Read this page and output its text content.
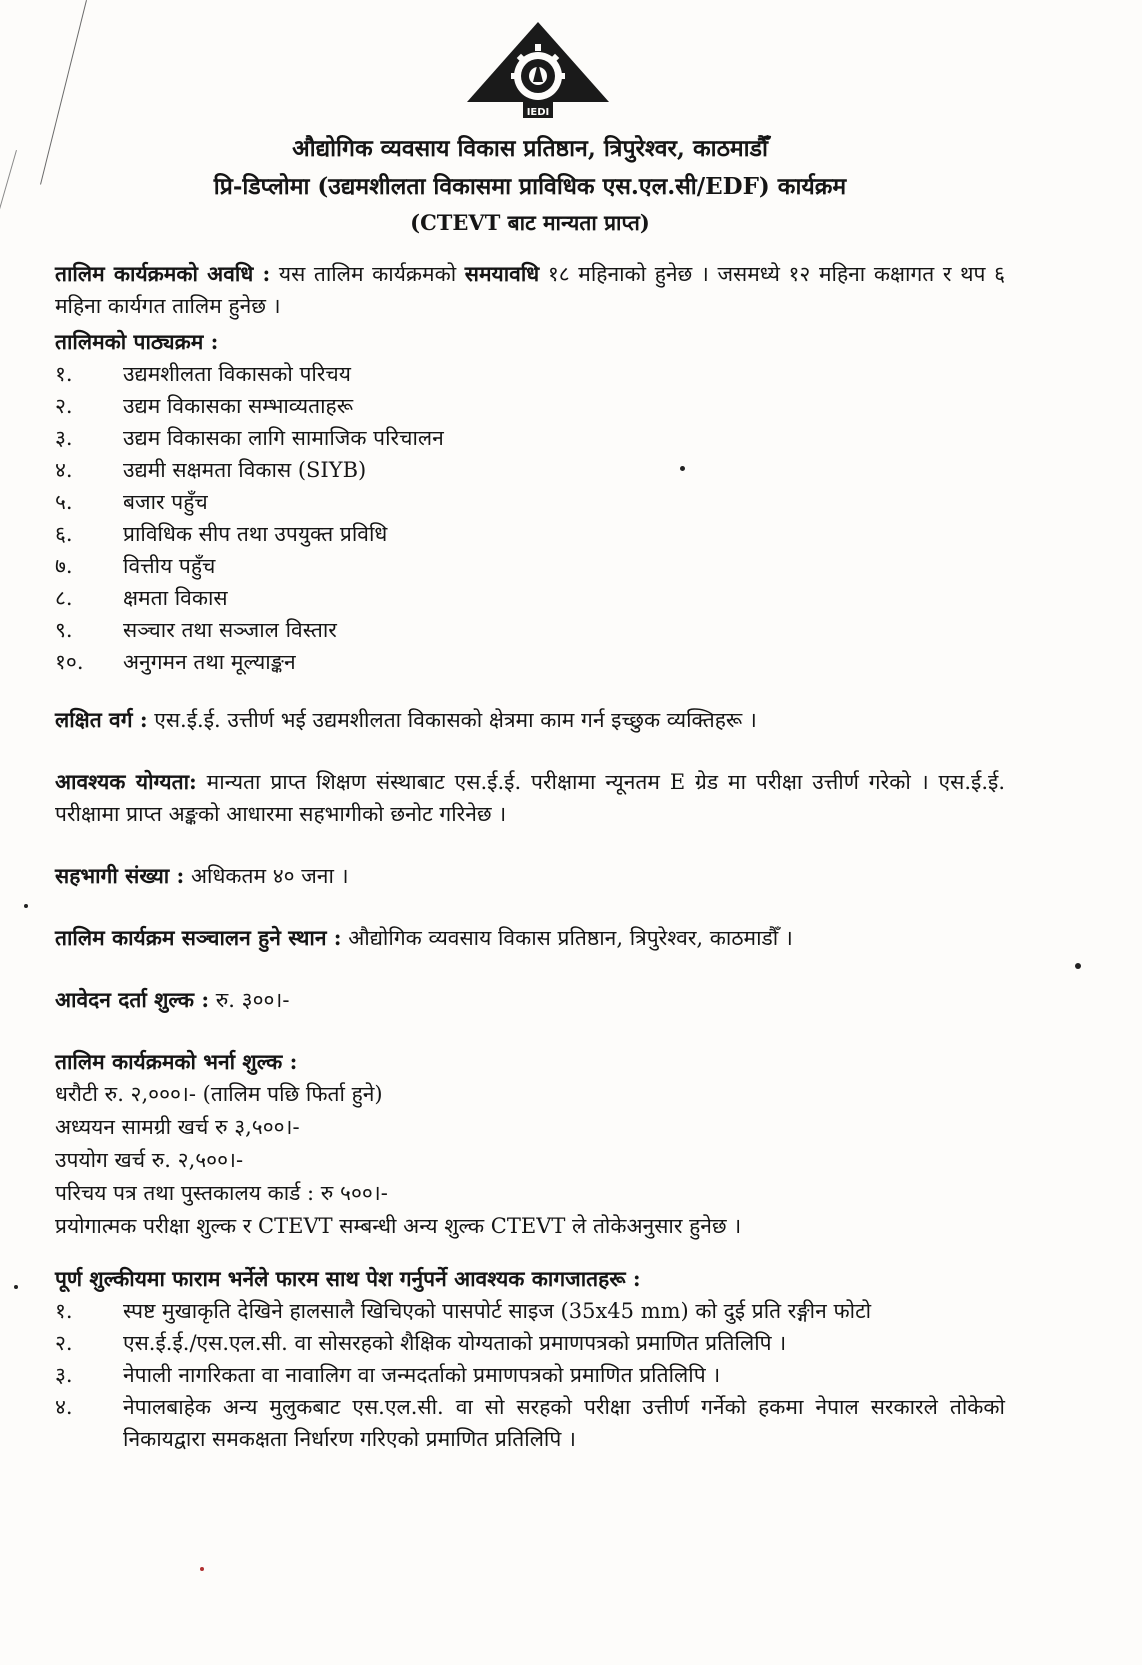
IEDI
औद्योगिक व्यवसाय विकास प्रतिष्ठान, त्रिपुरेश्वर, काठमाडौँ
प्रि-डिप्लोमा (उद्यमशीलता विकासमा प्राविधिक एस.एल.सी/EDF) कार्यक्रम
(CTEVT बाट मान्यता प्राप्त)

तालिम कार्यक्रमको अवधि : यस तालिम कार्यक्रमको समयावधि १८ महिनाको हुनेछ । जसमध्ये १२ महिना कक्षागत र थप ६ महिना कार्यगत तालिम हुनेछ ।

तालिमको पाठ्यक्रम :

१.	उद्यमशीलता विकासको परिचय
२.	उद्यम विकासका सम्भाव्यताहरू
३.	उद्यम विकासका लागि सामाजिक परिचालन
४.	उद्यमी सक्षमता विकास (SIYB)
५.	बजार पहुँच
६.	प्राविधिक सीप तथा उपयुक्त प्रविधि
७.	वित्तीय पहुँच
८.	क्षमता विकास
९.	सञ्चार तथा सञ्जाल विस्तार
१०.	अनुगमन तथा मूल्याङ्कन

लक्षित वर्ग : एस.ई.ई. उत्तीर्ण भई उद्यमशीलता विकासको क्षेत्रमा काम गर्न इच्छुक व्यक्तिहरू ।

आवश्यक योग्यता: मान्यता प्राप्त शिक्षण संस्थाबाट एस.ई.ई. परीक्षामा न्यूनतम E ग्रेड मा परीक्षा उत्तीर्ण गरेको । एस.ई.ई. परीक्षामा प्राप्त अङ्कको आधारमा सहभागीको छनोट गरिनेछ ।

सहभागी संख्या : अधिकतम ४० जना ।

तालिम कार्यक्रम सञ्चालन हुने स्थान : औद्योगिक व्यवसाय विकास प्रतिष्ठान, त्रिपुरेश्वर, काठमाडौँ ।

आवेदन दर्ता शुल्क : रु. ३००।-

तालिम कार्यक्रमको भर्ना शुल्क :

धरौटी रु. २,०००।- (तालिम पछि फिर्ता हुने)

अध्ययन सामग्री खर्च रु ३,५००।-

उपयोग खर्च रु. २,५००।-

परिचय पत्र तथा पुस्तकालय कार्ड : रु ५००।-

प्रयोगात्मक परीक्षा शुल्क र CTEVT सम्बन्धी अन्य शुल्क CTEVT ले तोकेअनुसार हुनेछ ।

पूर्ण शुल्कीयमा फाराम भर्नेले फारम साथ पेश गर्नुपर्ने आवश्यक कागजातहरू :

१.	स्पष्ट मुखाकृति देखिने हालसालै खिचिएको पासपोर्ट साइज (35x45 mm) को दुई प्रति रङ्गीन फोटो
२.	एस.ई.ई./एस.एल.सी. वा सोसरहको शैक्षिक योग्यताको प्रमाणपत्रको प्रमाणित प्रतिलिपि ।
३.	नेपाली नागरिकता वा नावालिग वा जन्मदर्ताको प्रमाणपत्रको प्रमाणित प्रतिलिपि ।
४.	नेपालबाहेक अन्य मुलुकबाट एस.एल.सी. वा सो सरहको परीक्षा उत्तीर्ण गर्नेको हकमा नेपाल सरकारले तोकेको निकायद्वारा समकक्षता निर्धारण गरिएको प्रमाणित प्रतिलिपि ।
